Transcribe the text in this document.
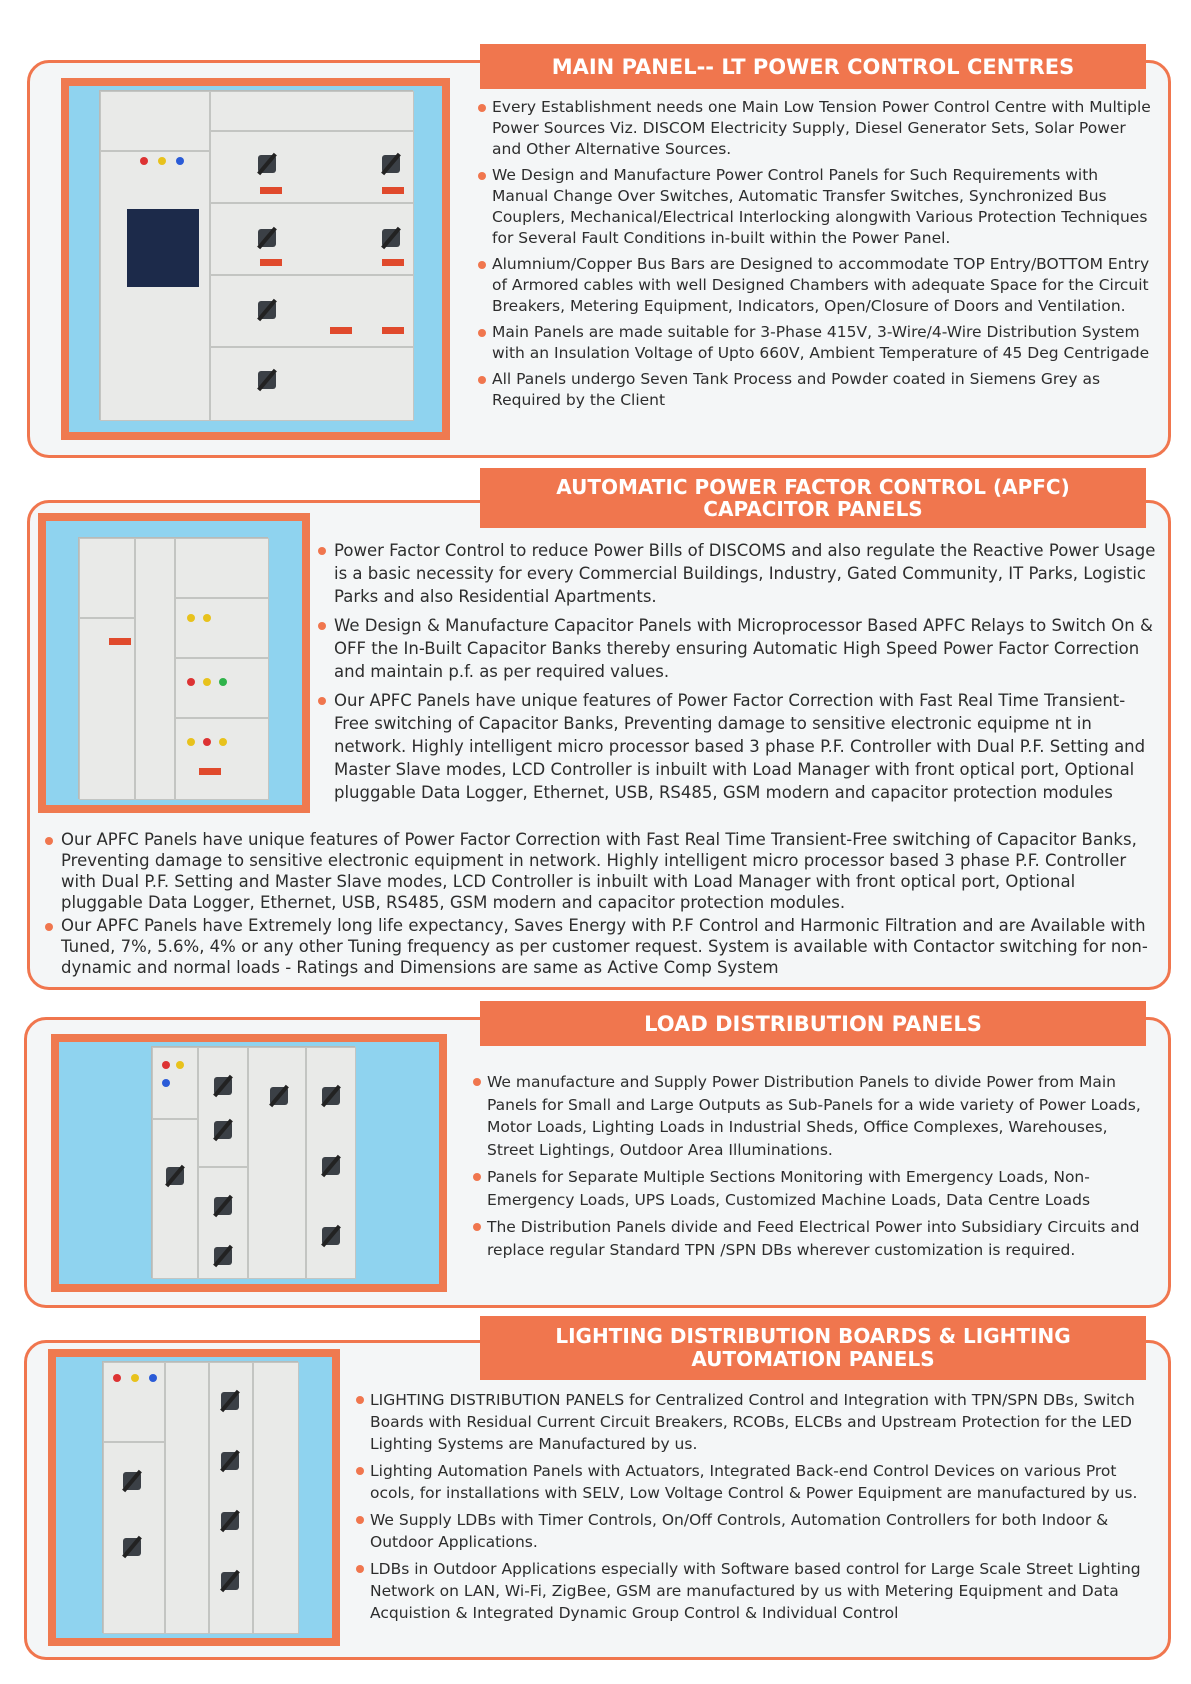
MAIN PANEL-- LT POWER CONTROL CENTRES
Every Establishment needs one Main Low Tension Power Control Centre with Multiple Power Sources Viz. DISCOM Electricity Supply, Diesel Generator Sets, Solar Power and Other Alternative Sources.
We Design and Manufacture Power Control Panels for Such Requirements with Manual Change Over Switches, Automatic Transfer Switches, Synchronized Bus Couplers, Mechanical/Electrical Interlocking alongwith Various Protection Techniques for Several Fault Conditions in-built within the Power Panel.
Alumnium/Copper Bus Bars are Designed to accommodate TOP Entry/BOTTOM Entry of Armored cables with well Designed Chambers with adequate Space for the Circuit Breakers, Metering Equipment, Indicators, Open/Closure of Doors and Ventilation.
Main Panels are made suitable for 3-Phase 415V, 3-Wire/4-Wire Distribution System with an Insulation Voltage of Upto 660V, Ambient Temperature of 45 Deg Centrigade
All Panels undergo Seven Tank Process and Powder coated in Siemens Grey as Required by the Client
AUTOMATIC POWER FACTOR CONTROL (APFC)
CAPACITOR PANELS
Power Factor Control to reduce Power Bills of DISCOMS and also regulate the Reactive Power Usage is a basic necessity for every Commercial Buildings, Industry, Gated Community, IT Parks, Logistic Parks and also Residential Apartments.
We Design & Manufacture Capacitor Panels with Microprocessor Based APFC Relays to Switch On & OFF the In-Built Capacitor Banks thereby ensuring Automatic High Speed Power Factor Correction and maintain p.f. as per required values.
Our APFC Panels have unique features of Power Factor Correction with Fast Real Time Transient-Free switching of Capacitor Banks, Preventing damage to sensitive electronic equipme nt in network. Highly intelligent micro processor based 3 phase P.F. Controller with Dual P.F. Setting and Master Slave modes, LCD Controller is inbuilt with Load Manager with front optical port, Optional pluggable Data Logger, Ethernet, USB, RS485, GSM modern and capacitor protection modules
Our APFC Panels have unique features of Power Factor Correction with Fast Real Time Transient-Free switching of Capacitor Banks, Preventing damage to sensitive electronic equipment in network. Highly intelligent micro processor based 3 phase P.F. Controller with Dual P.F. Setting and Master Slave modes, LCD Controller is inbuilt with Load Manager with front optical port, Optional pluggable Data Logger, Ethernet, USB, RS485, GSM modern and capacitor protection modules.
Our APFC Panels have Extremely long life expectancy, Saves Energy with P.F Control and Harmonic Filtration and are Available with Tuned, 7%, 5.6%, 4% or any other Tuning frequency as per customer request. System is available with Contactor switching for non-dynamic and normal loads - Ratings and Dimensions are same as Active Comp System
LOAD DISTRIBUTION PANELS
We manufacture and Supply Power Distribution Panels to divide Power from Main Panels for Small and Large Outputs as Sub-Panels for a wide variety of Power Loads, Motor Loads, Lighting Loads in Industrial Sheds, Office Complexes, Warehouses, Street Lightings, Outdoor Area Illuminations.
Panels for Separate Multiple Sections Monitoring with Emergency Loads, Non-Emergency Loads, UPS Loads, Customized Machine Loads, Data Centre Loads
The Distribution Panels divide and Feed Electrical Power into Subsidiary Circuits and replace regular Standard TPN /SPN DBs wherever customization is required.
LIGHTING DISTRIBUTION BOARDS & LIGHTING
AUTOMATION PANELS
LIGHTING DISTRIBUTION PANELS for Centralized Control and Integration with TPN/SPN DBs, Switch Boards with Residual Current Circuit Breakers, RCOBs, ELCBs and Upstream Protection for the LED Lighting Systems are Manufactured by us.
Lighting Automation Panels with Actuators, Integrated Back-end Control Devices on various Prot ocols, for installations with SELV, Low Voltage Control & Power Equipment are manufactured by us.
We Supply LDBs with Timer Controls, On/Off Controls, Automation Controllers for both Indoor & Outdoor Applications.
LDBs in Outdoor Applications especially with Software based control for Large Scale Street Lighting Network on LAN, Wi-Fi, ZigBee, GSM are manufactured by us with Metering Equipment and Data Acquistion & Integrated Dynamic Group Control & Individual Control
